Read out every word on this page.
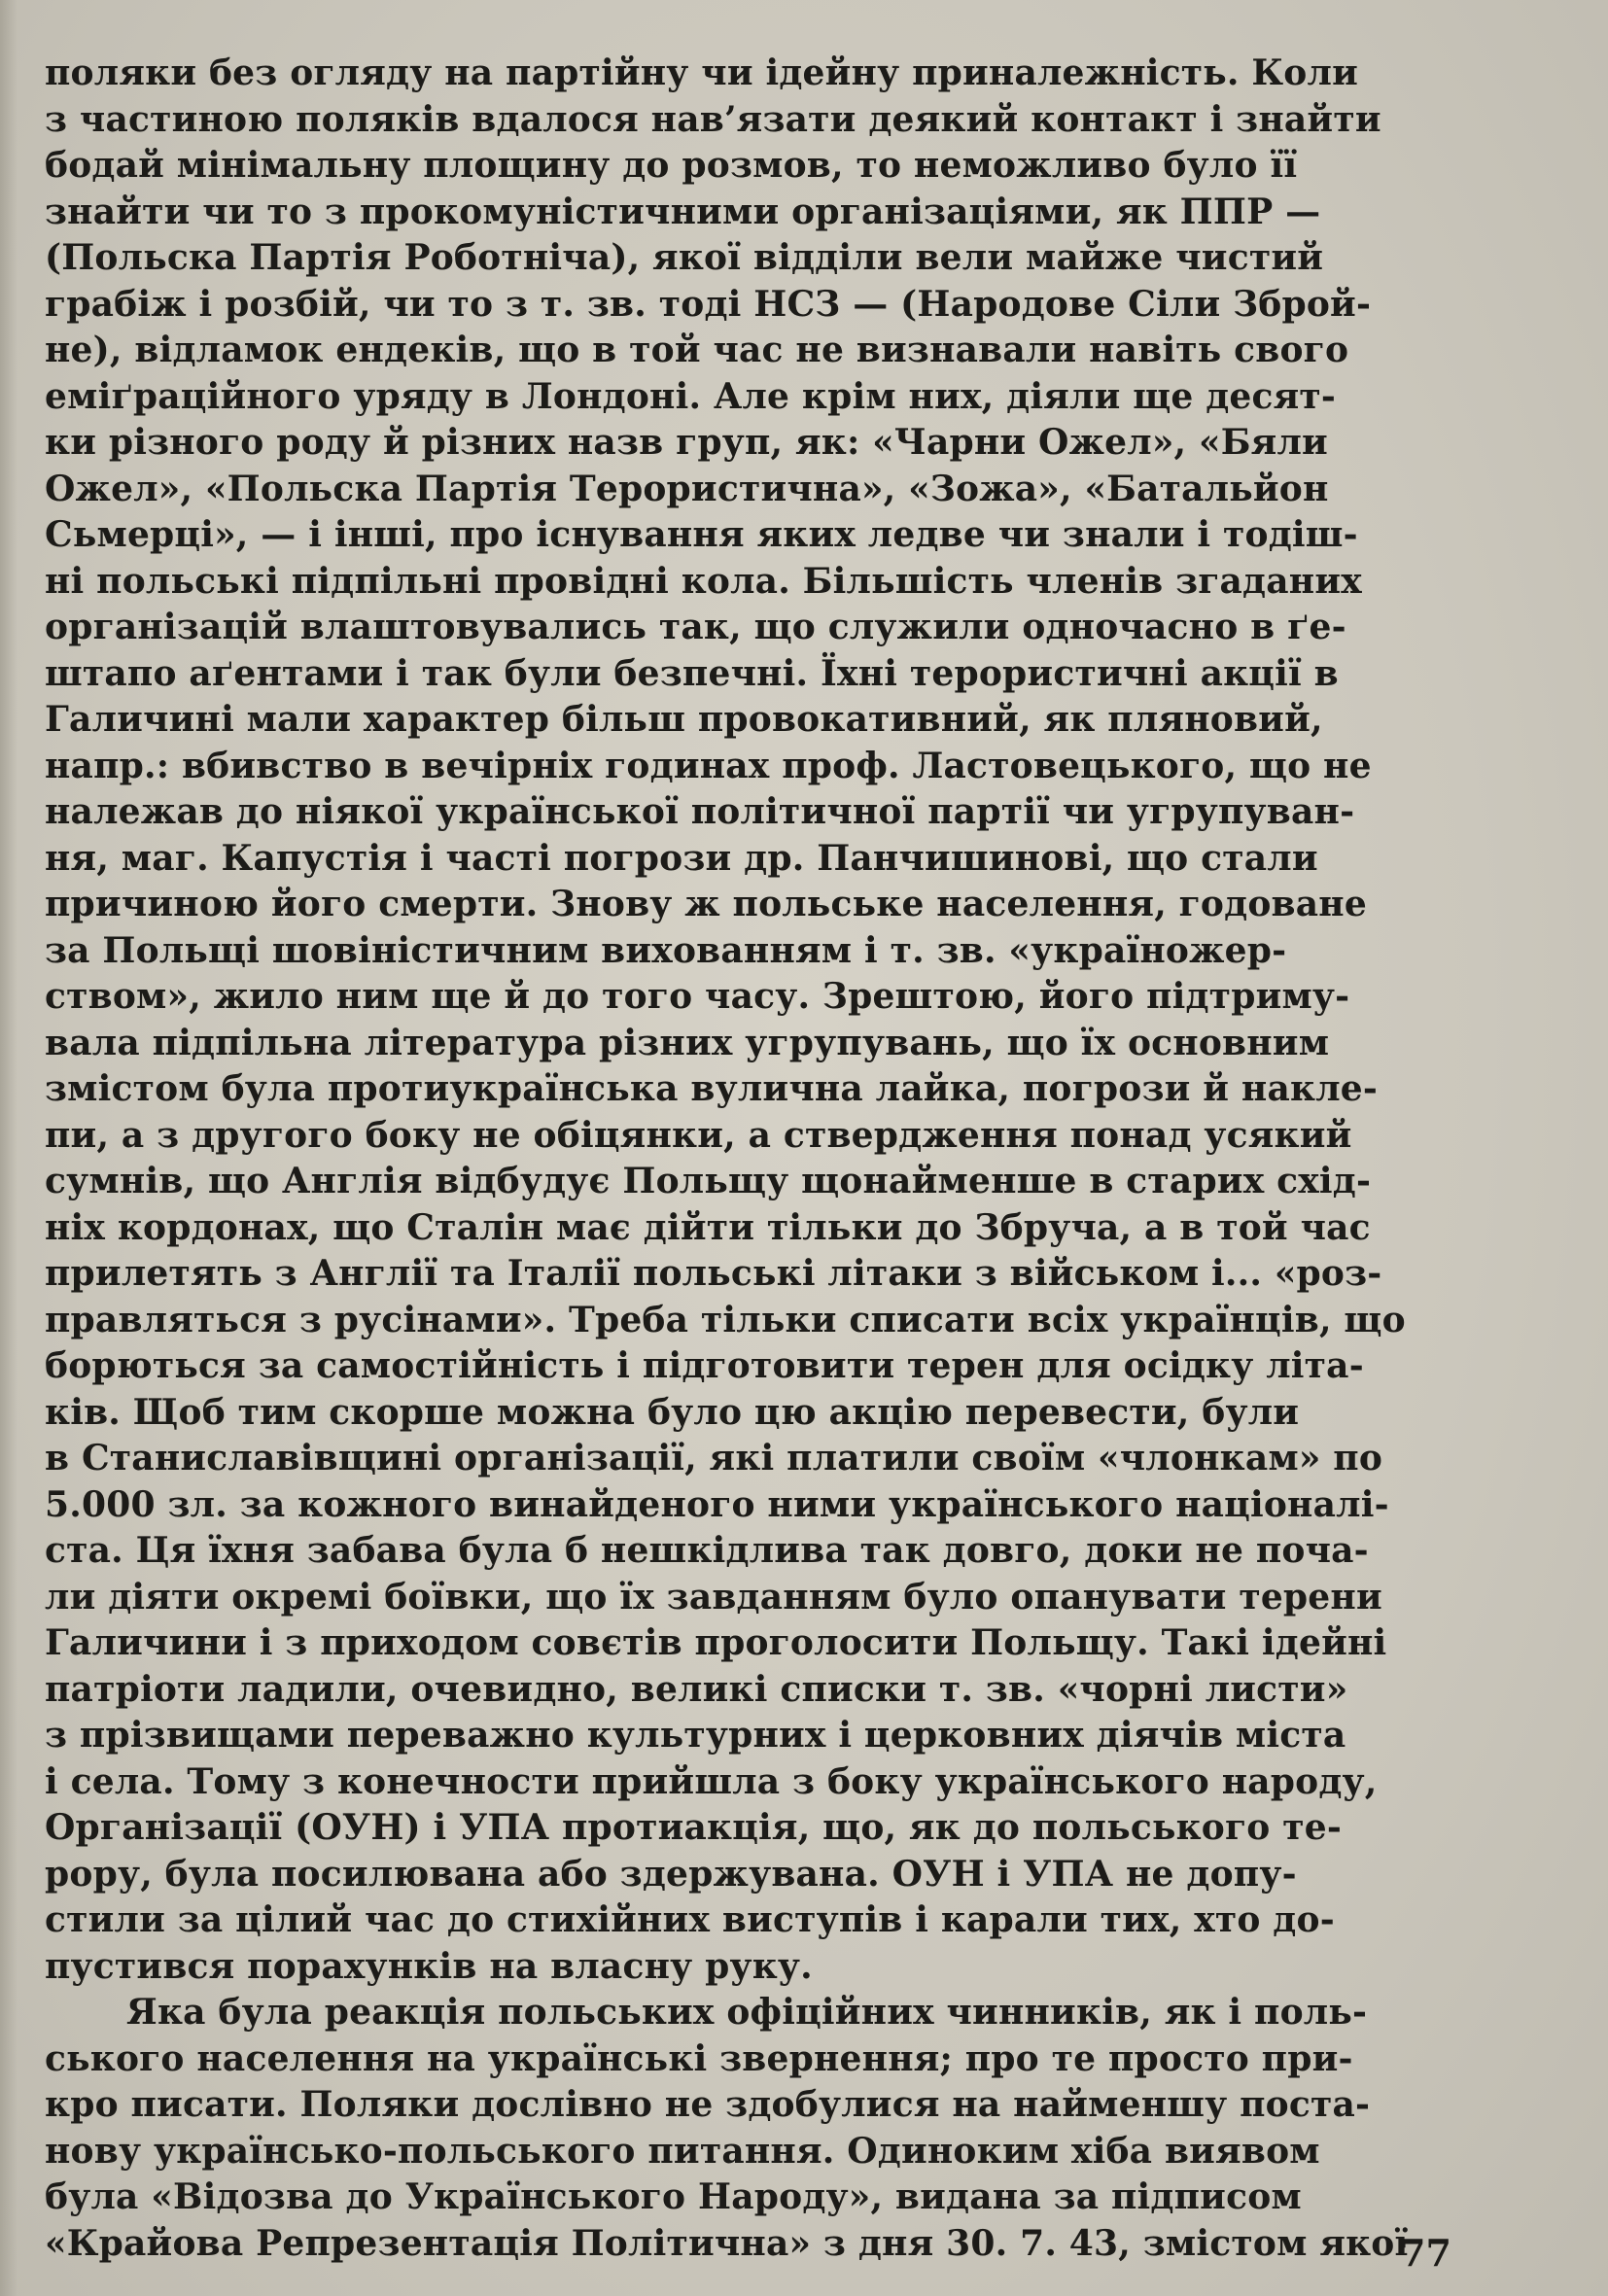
поляки без огляду на партійну чи ідейну приналежність. Коли
з частиною поляків вдалося нав’язати деякий контакт і знайти
бодай мінімальну площину до розмов, то неможливо було її
знайти чи то з прокомуністичними організаціями, як ППР —
(Польска Партія Роботнічa), якої відділи вели майже чистий
грабіж і розбій, чи то з т. зв. тоді НСЗ — (Народове Сіли Зброй-
не), відламок ендеків, що в той час не визнавали навіть свого
еміґраційного уряду в Лондоні. Але крім них, діяли ще десят-
ки різного роду й різних назв груп, як: «Чарни Ожел», «Бяли
Ожел», «Польска Партія Терористична», «Зожа», «Батальйон
Сьмерці», — і інші, про існування яких ледве чи знали і тодіш-
ні польські підпільні провідні кола. Більшість членів згаданих
організацій влаштовувались так, що служили одночасно в ґе-
штапо аґентами і так були безпечні. Їхні терористичні акції в
Галичині мали характер більш провокативний, як пляновий,
напр.: вбивство в вечірніх годинах проф. Ластовецького, що не
належав до ніякої української політичної партії чи угрупуван-
ня, маг. Капустія і часті погрози др. Панчишинові, що стали
причиною його смерти. Знову ж польське населення, годоване
за Польщі шовіністичним вихованням і т. зв. «україножер-
ством», жило ним ще й до того часу. Зрештою, його підтриму-
вала підпільна література різних угрупувань, що їх основним
змістом була протиукраїнська вулична лайка, погрози й наклe-
пи, а з другого боку не обіцянки, а ствердження понад усякий
сумнів, що Англія відбудує Польщу щонайменше в старих схід-
ніх кордонах, що Сталін має дійти тільки до Збруча, а в той час
прилетять з Англії та Італії польські літаки з військом і... «роз-
правляться з русінами». Треба тільки списати всіх українців, що
борються за самостійність і підготовити терен для осідку літа-
ків. Щоб тим скорше можна було цю акцію перевести, були
в Станиславівщині організації, які платили своїм «члонкам» по
5.000 зл. за кожного винайденого ними українського націоналі-
ста. Ця їхня забава була б нешкідлива так довго, доки не поча-
ли діяти окремі боївки, що їх завданням було опанувати терени
Галичини і з приходом совєтів проголосити Польщу. Такі ідейні
патріоти ладили, очевидно, великі списки т. зв. «чорні листи»
з прізвищами переважно культурних і церковних діячів міста
і села. Тому з конечности прийшла з боку українського народу,
Організації (ОУН) і УПА протиакція, що, як до польського те-
рору, була посилювана або здержувана. ОУН і УПА не допу-
стили за цілий час до стихійних виступів і карали тих, хто до-
пустився порахунків на власну руку.
Яка була реакція польських офіційних чинників, як і поль-
ського населення на українські звернення; про те просто при-
кро писати. Поляки дослівно не здобулися на найменшу поста-
нову українсько-польського питання. Одиноким хіба виявом
була «Відозва до Українського Народу», видана за підписом
«Крайова Репрезентація Політична» з дня 30. 7. 43, змістом якої
77
